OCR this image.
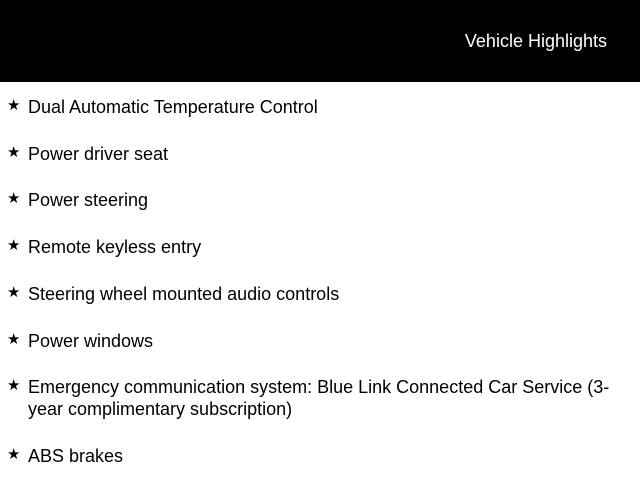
Vehicle Highlights
★ Dual Automatic Temperature Control
★ Power driver seat
★ Power steering
★ Remote keyless entry
★ Steering wheel mounted audio controls
★ Power windows
★ Emergency communication system: Blue Link Connected Car Service (3-year complimentary subscription)
★ ABS brakes
